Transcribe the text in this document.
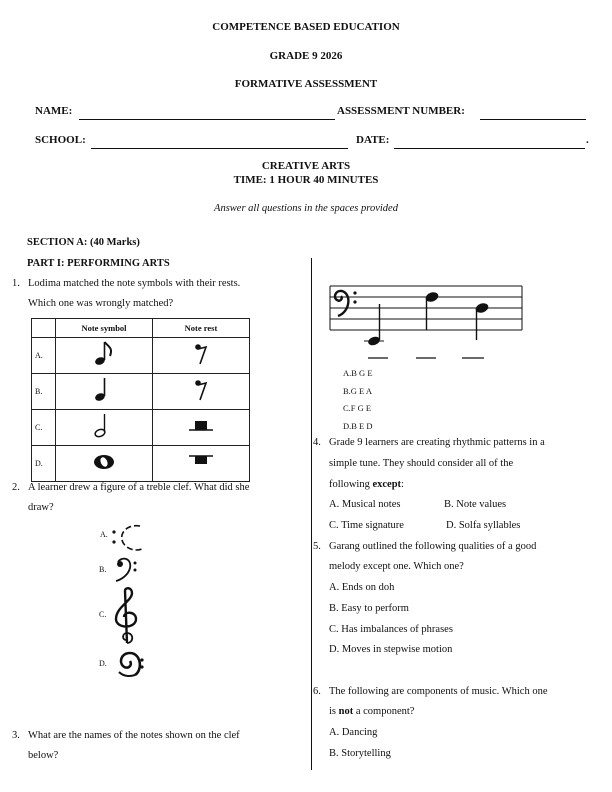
COMPETENCE BASED EDUCATION
GRADE 9 2026
FORMATIVE ASSESSMENT
NAME:	ASSESSMENT NUMBER:
SCHOOL:	DATE:	.
CREATIVE ARTS
TIME: 1 HOUR 40 MINUTES
Answer all questions in the spaces provided
SECTION A: (40 Marks)
PART I: PERFORMING ARTS
1. Lodima matched the note symbols with their rests.
Which one was wrongly matched?
	Note symbol	Note rest
A.		
B.		
C.		
D.		
2. A learner drew a figure of a treble clef. What did she
draw?
A.
B.
C.
D.
3. What are the names of the notes shown on the clef
below?
A.B G E
B.G E A
C.F G E
D.B E D
4. Grade 9 learners are creating rhythmic patterns in a
simple tune. They should consider all of the
following except:
A. Musical notes	B. Note values
C. Time signature	D. Solfa syllables
5. Garang outlined the following qualities of a good
melody except one. Which one?
A. Ends on doh
B. Easy to perform
C. Has imbalances of phrases
D. Moves in stepwise motion
6. The following are components of music. Which one
is not a component?
A. Dancing
B. Storytelling
